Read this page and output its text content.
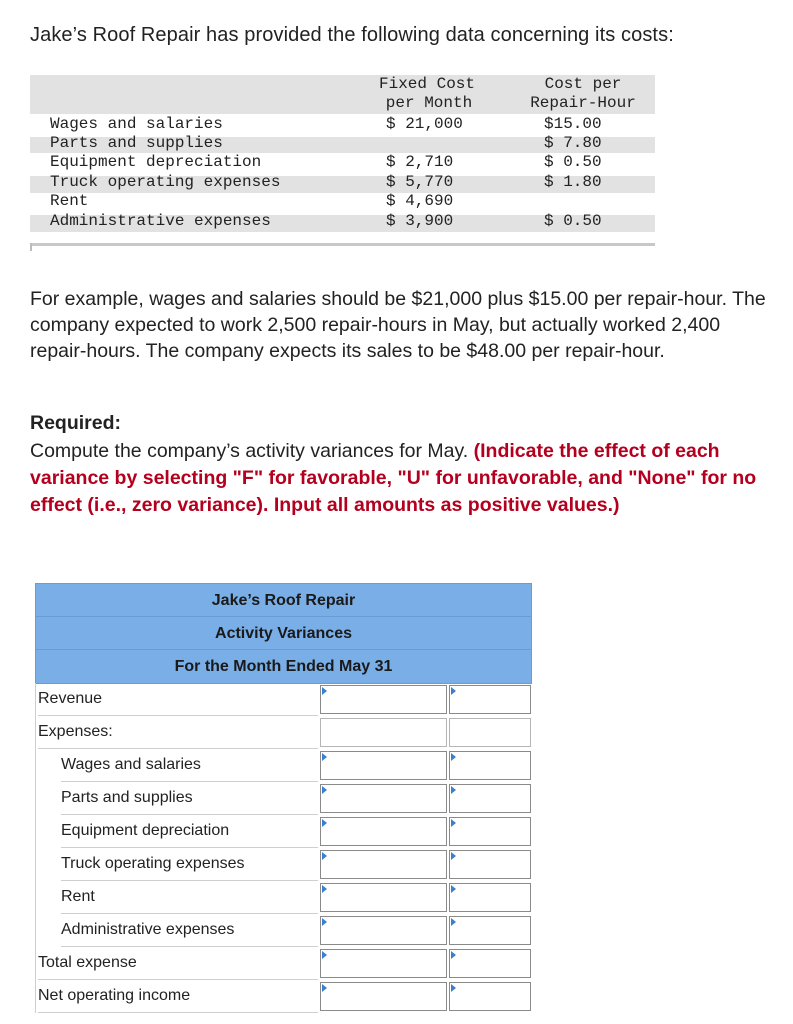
Jake’s Roof Repair has provided the following data concerning its costs:
Fixed Cost
per Month
Cost per
Repair-Hour
Wages and salaries
Parts and supplies
Equipment depreciation
Truck operating expenses
Rent
Administrative expenses
$ 21,000
$ 2,710
$ 5,770
$ 4,690
$ 3,900
$15.00
$ 7.80
$ 0.50
$ 1.80
$ 0.50
For example, wages and salaries should be $21,000 plus $15.00 per repair-hour. The company expected to work 2,500 repair-hours in May, but actually worked 2,400 repair-hours. The company expects its sales to be $48.00 per repair-hour.
Required:
Compute the company’s activity variances for May. (Indicate the effect of each variance by selecting "F" for favorable, "U" for unfavorable, and "None" for no effect (i.e., zero variance). Input all amounts as positive values.)
Jake’s Roof Repair
Activity Variances
For the Month Ended May 31
Revenue
Expenses:
Wages and salaries
Parts and supplies
Equipment depreciation
Truck operating expenses
Rent
Administrative expenses
Total expense
Net operating income
